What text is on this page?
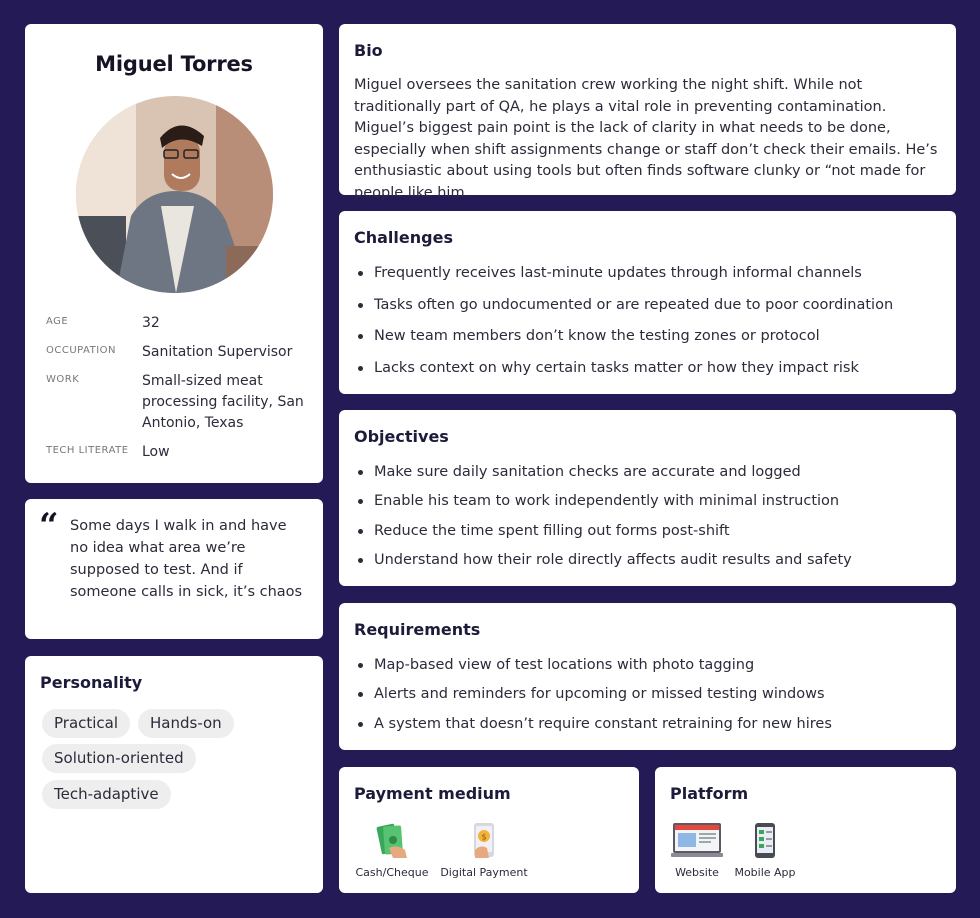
Miguel Torres
AGE	32
OCCUPATION Sanitation Supervisor
WORK	Small-sized meat processing facility, San Antonio, Texas
TECH LITERATE Low
“ Some days I walk in and have no idea what area we’re supposed to test. And if someone calls in sick, it’s chaos
Personality
Practical	Hands-on
Solution-oriented
Tech-adaptive
Bio
Miguel oversees the sanitation crew working the night shift. While not traditionally part of QA, he plays a vital role in preventing contamination. Miguel’s biggest pain point is the lack of clarity in what needs to be done, especially when shift assignments change or staff don’t check their emails. He’s enthusiastic about using tools but often finds software clunky or “not made for people like him.
Challenges
Frequently receives last-minute updates through informal channels
Tasks often go undocumented or are repeated due to poor coordination
New team members don’t know the testing zones or protocol
Lacks context on why certain tasks matter or how they impact risk
Objectives
Make sure daily sanitation checks are accurate and logged
Enable his team to work independently with minimal instruction
Reduce the time spent filling out forms post-shift
Understand how their role directly affects audit results and safety
Requirements
Map-based view of test locations with photo tagging
Alerts and reminders for upcoming or missed testing windows
A system that doesn’t require constant retraining for new hires
Payment medium
Cash/Cheque
$
Digital Payment
Platform
Website	Mobile App
